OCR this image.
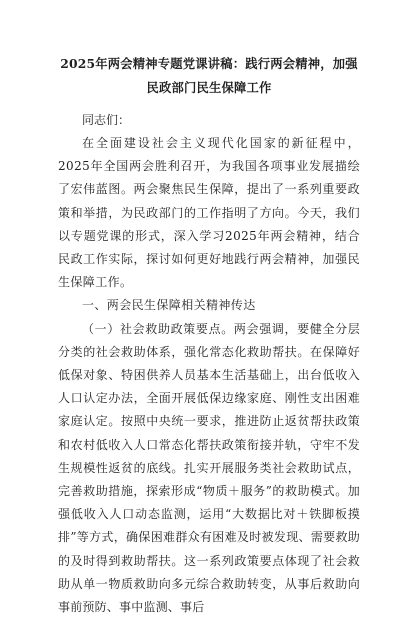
2025年两会精神专题党课讲稿：践行两会精神，加强民政部门民生保障工作

同志们：

在全面建设社会主义现代化国家的新征程中，2025年全国两会胜利召开，为我国各项事业发展描绘了宏伟蓝图。两会聚焦民生保障，提出了一系列重要政策和举措，为民政部门的工作指明了方向。今天，我们以专题党课的形式，深入学习2025年两会精神，结合民政工作实际，探讨如何更好地践行两会精神，加强民生保障工作。

一、两会民生保障相关精神传达

（一）社会救助政策要点。两会强调，要健全分层分类的社会救助体系，强化常态化救助帮扶。在保障好低保对象、特困供养人员基本生活基础上，出台低收入人口认定办法，全面开展低保边缘家庭、刚性支出困难家庭认定。按照中央统一要求，推进防止返贫帮扶政策和农村低收入人口常态化帮扶政策衔接并轨，守牢不发生规模性返贫的底线。扎实开展服务类社会救助试点，完善救助措施，探索形成“物质＋服务”的救助模式。加强低收入人口动态监测，运用“大数据比对＋铁脚板摸排”等方式，确保困难群众有困难及时被发现、需要救助的及时得到救助帮扶。这一系列政策要点体现了社会救助从单一物质救助向多元综合救助转变，从事后救助向事前预防、事中监测、事后
